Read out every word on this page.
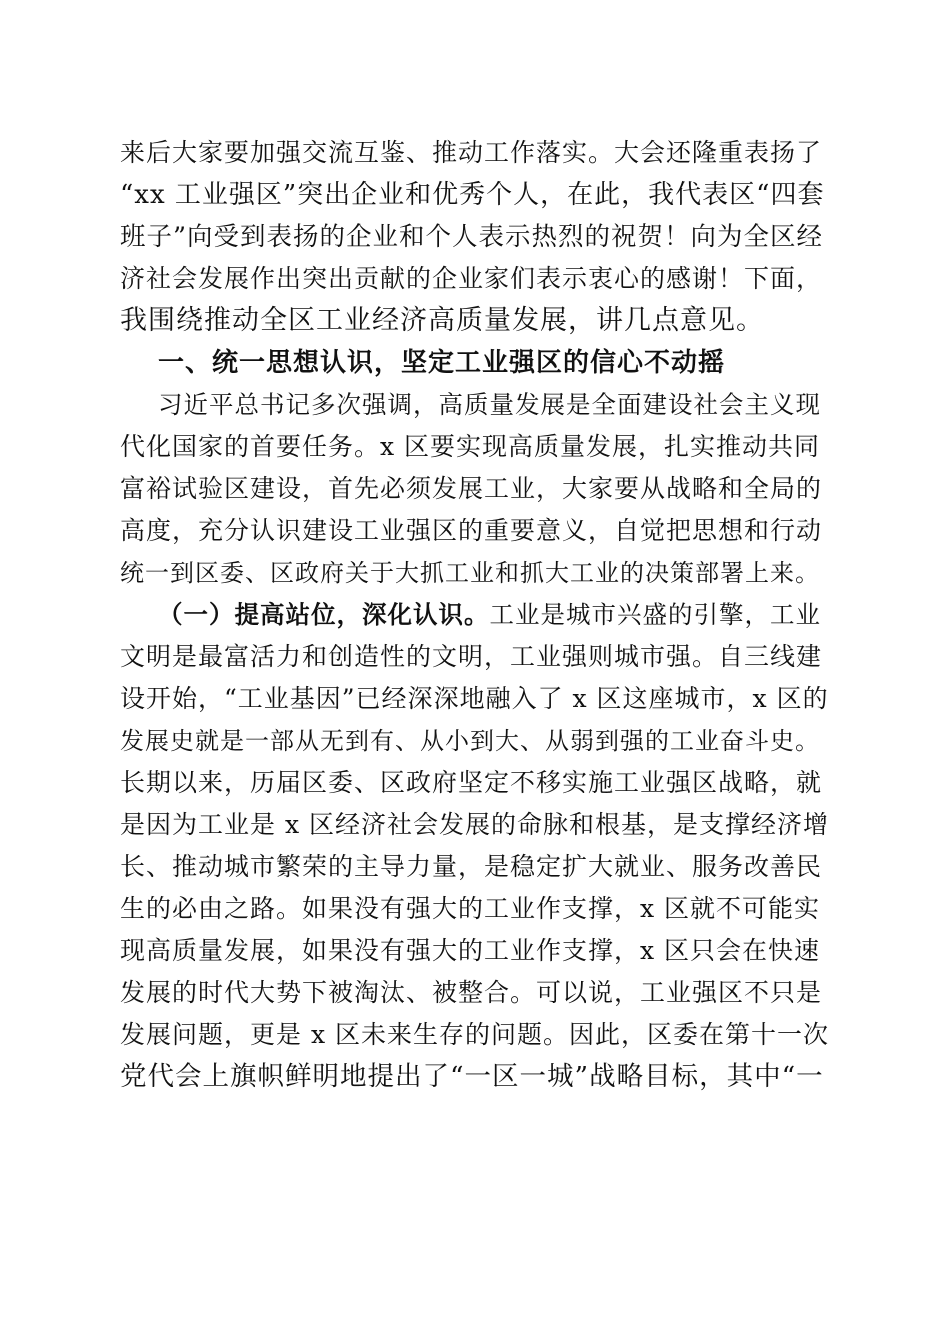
来后大家要加强交流互鉴、推动工作落实。大会还隆重表扬了
“xx 工业强区”突出企业和优秀个人，在此，我代表区“四套
班子”向受到表扬的企业和个人表示热烈的祝贺！向为全区经
济社会发展作出突出贡献的企业家们表示衷心的感谢！下面，
我围绕推动全区工业经济高质量发展，讲几点意见。
一、统一思想认识，坚定工业强区的信心不动摇
习近平总书记多次强调，高质量发展是全面建设社会主义现
代化国家的首要任务。x 区要实现高质量发展，扎实推动共同
富裕试验区建设，首先必须发展工业，大家要从战略和全局的
高度，充分认识建设工业强区的重要意义，自觉把思想和行动
统一到区委、区政府关于大抓工业和抓大工业的决策部署上来。
（一）提高站位，深化认识。工业是城市兴盛的引擎，工业
文明是最富活力和创造性的文明，工业强则城市强。自三线建
设开始，“工业基因”已经深深地融入了 x 区这座城市，x 区的
发展史就是一部从无到有、从小到大、从弱到强的工业奋斗史。
长期以来，历届区委、区政府坚定不移实施工业强区战略，就
是因为工业是 x 区经济社会发展的命脉和根基，是支撑经济增
长、推动城市繁荣的主导力量，是稳定扩大就业、服务改善民
生的必由之路。如果没有强大的工业作支撑，x 区就不可能实
现高质量发展，如果没有强大的工业作支撑，x 区只会在快速
发展的时代大势下被淘汰、被整合。可以说，工业强区不只是
发展问题，更是 x 区未来生存的问题。因此，区委在第十一次
党代会上旗帜鲜明地提出了“一区一城”战略目标，其中“一
